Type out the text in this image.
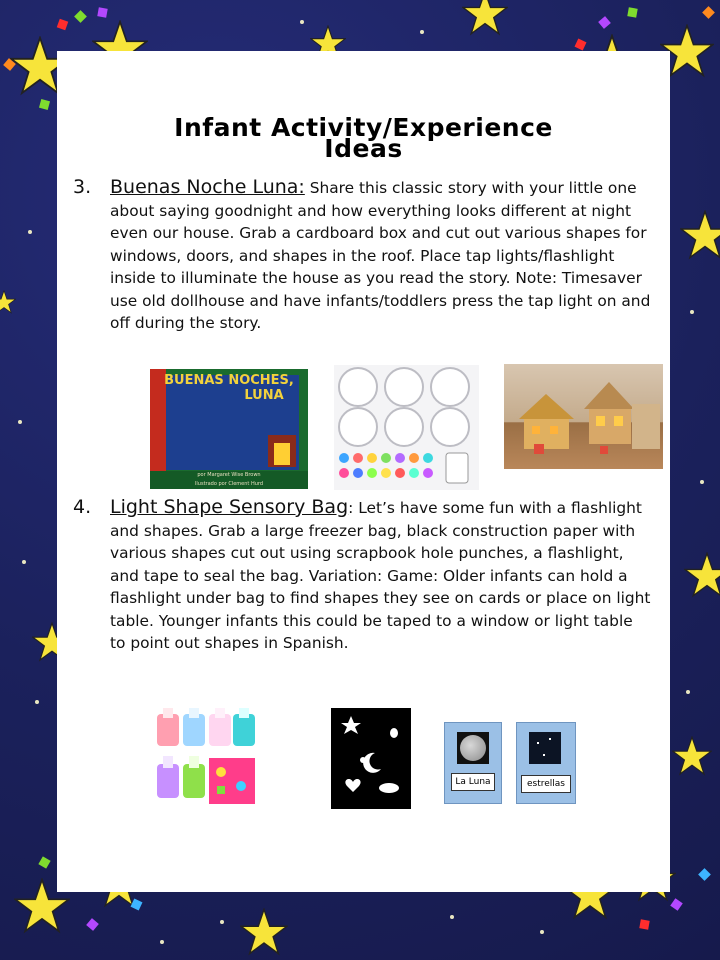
Infant Activity/Experience
Ideas
3. Buenas Noche Luna: Share this classic story with your little one about saying goodnight and how everything looks different at night even our house. Grab a cardboard box and cut out various shapes for windows, doors, and shapes in the roof. Place tap lights/flashlight inside to illuminate the house as you read the story. Note: Timesaver use old dollhouse and have infants/toddlers press the tap light on and off during the story.
BUENAS NOCHES,
LUNA
por Margaret Wise Brown
Ilustrado por Clement Hurd
4. Light Shape Sensory Bag: Let’s have some fun with a flashlight and shapes. Grab a large freezer bag, black construction paper with various shapes cut out using scrapbook hole punches, a flashlight, and tape to seal the bag. Variation: Game: Older infants can hold a flashlight under bag to find shapes they see on cards or place on light table. Younger infants this could be taped to a window or light table to point out shapes in Spanish.
La Luna	estrellas
